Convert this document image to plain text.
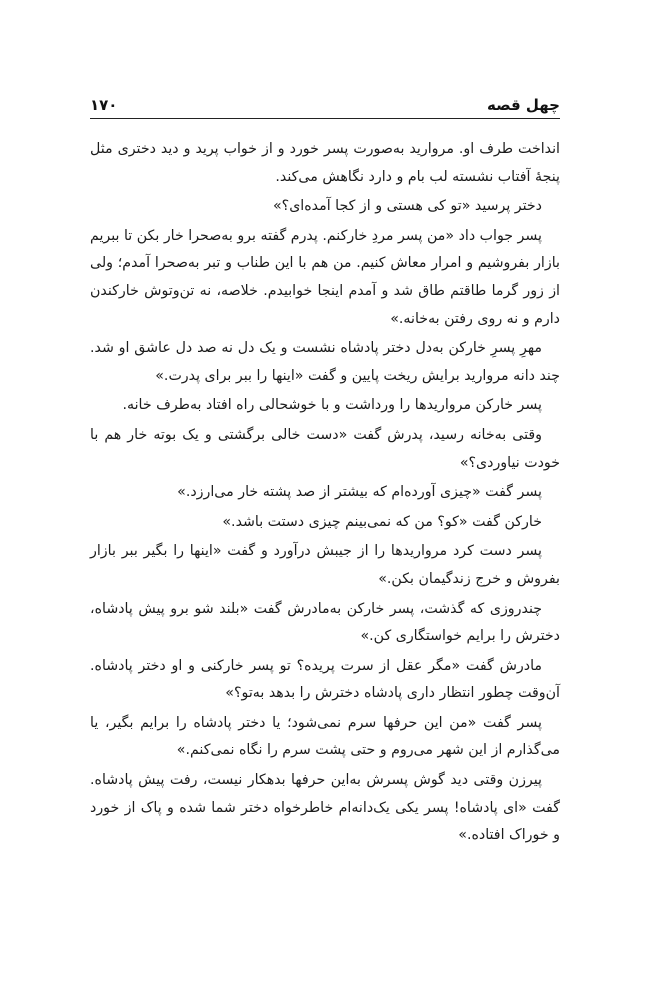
چهل قصه
۱۷۰

انداخت طرف او. مروارید به‌صورت پسر خورد و از خواب پرید و دید دختری مثل پنجهٔ آفتاب نشسته لب بام و دارد نگاهش می‌کند.

دختر پرسید «تو کی هستی و از کجا آمده‌ای؟»

پسر جواب داد «من پسر مردِ خارکنم. پدرم گفته برو به‌صحرا خار بکن تا ببریم بازار بفروشیم و امرار معاش کنیم. من هم با این طناب و تبر به‌صحرا آمدم؛ ولی از زور گرما طاقتم طاق شد و آمدم اینجا خوابیدم. خلاصه، نه تن‌وتوش خارکندن دارم و نه روی رفتن به‌خانه.»

مهرِ پسرِ خارکن به‌دل دختر پادشاه نشست و یک دل نه صد دل عاشق او شد. چند دانه مروارید برایش ریخت پایین و گفت «اینها را ببر برای پدرت.»

پسر خارکن مرواریدها را ورداشت و با خوشحالی راه افتاد به‌طرف خانه.

وقتی به‌خانه رسید، پدرش گفت «دست خالی برگشتی و یک بوته خار هم با خودت نیاوردی؟»

پسر گفت «چیزی آورده‌ام که بیشتر از صد پشته خار می‌ارزد.»

خارکن گفت «کو؟ من که نمی‌بینم چیزی دستت باشد.»

پسر دست کرد مرواریدها را از جیبش درآورد و گفت «اینها را بگیر ببر بازار بفروش و خرج زندگیمان بکن.»

چندروزی که گذشت، پسر خارکن به‌مادرش گفت «بلند شو برو پیش پادشاه، دخترش را برایم خواستگاری کن.»

مادرش گفت «مگر عقل از سرت پریده؟ تو پسر خارکنی و او دختر پادشاه. آن‌وقت چطور انتظار داری پادشاه دخترش را بدهد به‌تو؟»

پسر گفت «من این حرفها سرم نمی‌شود؛ یا دختر پادشاه را برایم بگیر، یا می‌گذارم از این شهر می‌روم و حتی پشت سرم را نگاه نمی‌کنم.»

پیرزن وقتی دید گوش پسرش به‌این حرفها بدهکار نیست، رفت پیش پادشاه. گفت «ای پادشاه! پسر یکی یک‌دانه‌ام خاطرخواه دختر شما شده و پاک از خورد و خوراک افتاده.»
